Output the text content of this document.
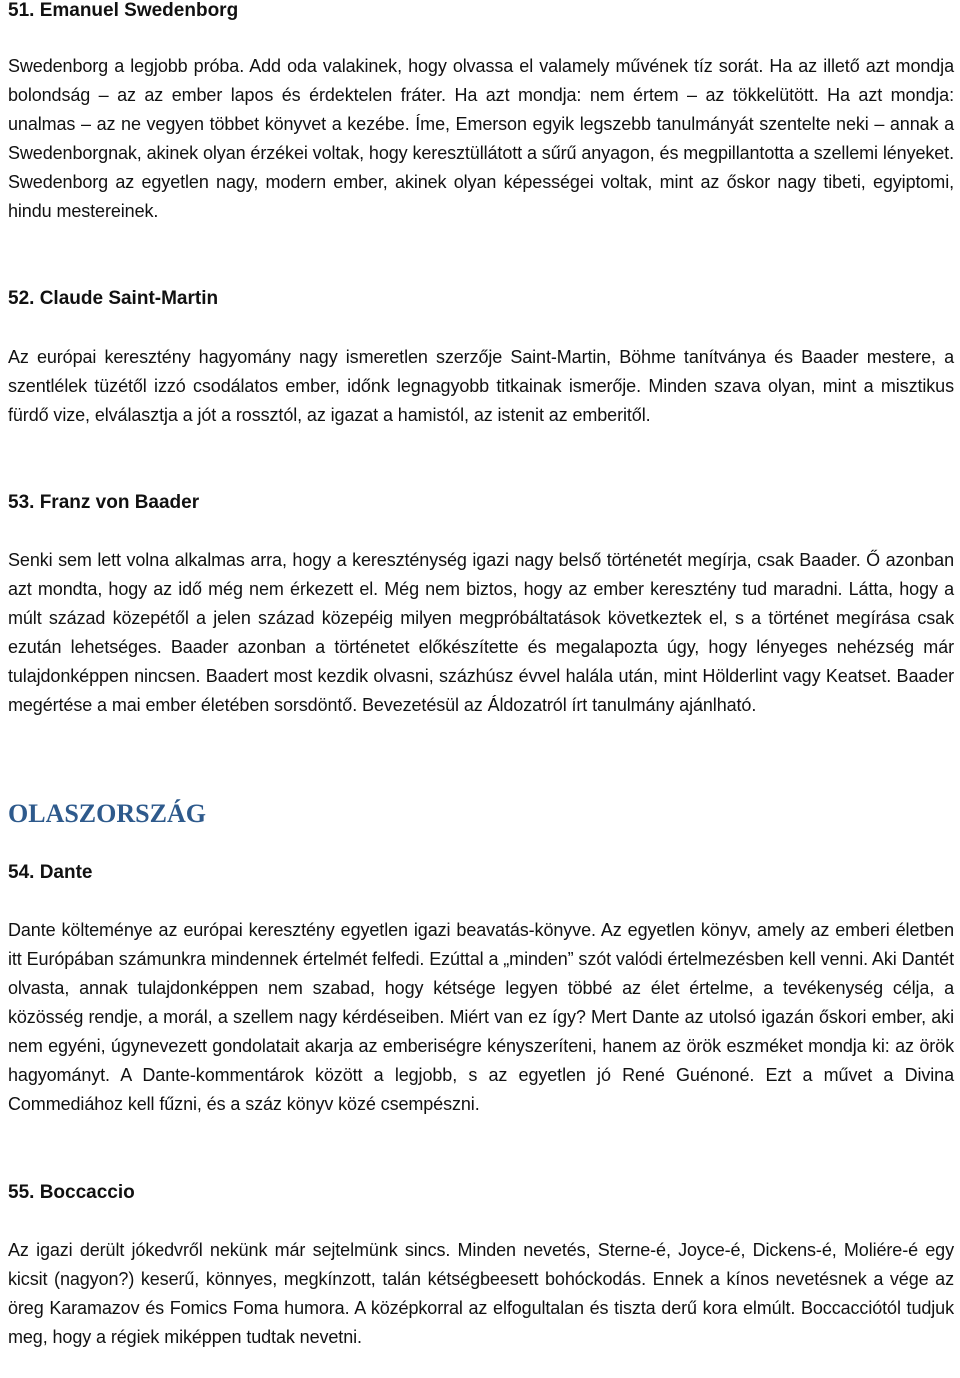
51. Emanuel Swedenborg

Swedenborg a legjobb próba. Add oda valakinek, hogy olvassa el valamely művének tíz sorát. Ha az illető azt mondja bolondság – az az ember lapos és érdektelen fráter. Ha azt mondja: nem értem – az tökkelütött. Ha azt mondja: unalmas – az ne vegyen többet könyvet a kezébe. Íme, Emerson egyik legszebb tanulmányát szentelte neki – annak a Swedenborgnak, akinek olyan érzékei voltak, hogy keresztüllátott a sűrű anyagon, és megpillantotta a szellemi lényeket. Swedenborg az egyetlen nagy, modern ember, akinek olyan képességei voltak, mint az őskor nagy tibeti, egyiptomi, hindu mestereinek.

52. Claude Saint-Martin

Az európai keresztény hagyomány nagy ismeretlen szerzője Saint-Martin, Böhme tanítványa és Baader mestere, a szentlélek tüzétől izzó csodálatos ember, időnk legnagyobb titkainak ismerője. Minden szava olyan, mint a misztikus fürdő vize, elválasztja a jót a rossztól, az igazat a hamistól, az istenit az emberitől.

53. Franz von Baader

Senki sem lett volna alkalmas arra, hogy a kereszténység igazi nagy belső történetét megírja, csak Baader. Ő azonban azt mondta, hogy az idő még nem érkezett el. Még nem biztos, hogy az ember keresztény tud maradni. Látta, hogy a múlt század közepétől a jelen század közepéig milyen megpróbáltatások következtek el, s a történet megírása csak ezután lehetséges. Baader azonban a történetet előkészítette és megalapozta úgy, hogy lényeges nehézség már tulajdonképpen nincsen. Baadert most kezdik olvasni, százhúsz évvel halála után, mint Hölderlint vagy Keatset. Baader megértése a mai ember életében sorsdöntő. Bevezetésül az Áldozatról írt tanulmány ajánlható.

OLASZORSZÁG
54. Dante

Dante költeménye az európai keresztény egyetlen igazi beavatás-könyve. Az egyetlen könyv, amely az emberi életben itt Európában számunkra mindennek értelmét felfedi. Ezúttal a „minden” szót valódi értelmezésben kell venni. Aki Dantét olvasta, annak tulajdonképpen nem szabad, hogy kétsége legyen többé az élet értelme, a tevékenység célja, a közösség rendje, a morál, a szellem nagy kérdéseiben. Miért van ez így? Mert Dante az utolsó igazán őskori ember, aki nem egyéni, úgynevezett gondolatait akarja az emberiségre kényszeríteni, hanem az örök eszméket mondja ki: az örök hagyományt. A Dante-kommentárok között a legjobb, s az egyetlen jó René Guénoné. Ezt a művet a Divina Commediához kell fűzni, és a száz könyv közé csempészni.

55. Boccaccio

Az igazi derült jókedvről nekünk már sejtelmünk sincs. Minden nevetés, Sterne-é, Joyce-é, Dickens-é, Moliére-é egy kicsit (nagyon?) keserű, könnyes, megkínzott, talán kétségbeesett bohóckodás. Ennek a kínos nevetésnek a vége az öreg Karamazov és Fomics Foma humora. A középkorral az elfogultalan és tiszta derű kora elmúlt. Boccacciótól tudjuk meg, hogy a régiek miképpen tudtak nevetni.
